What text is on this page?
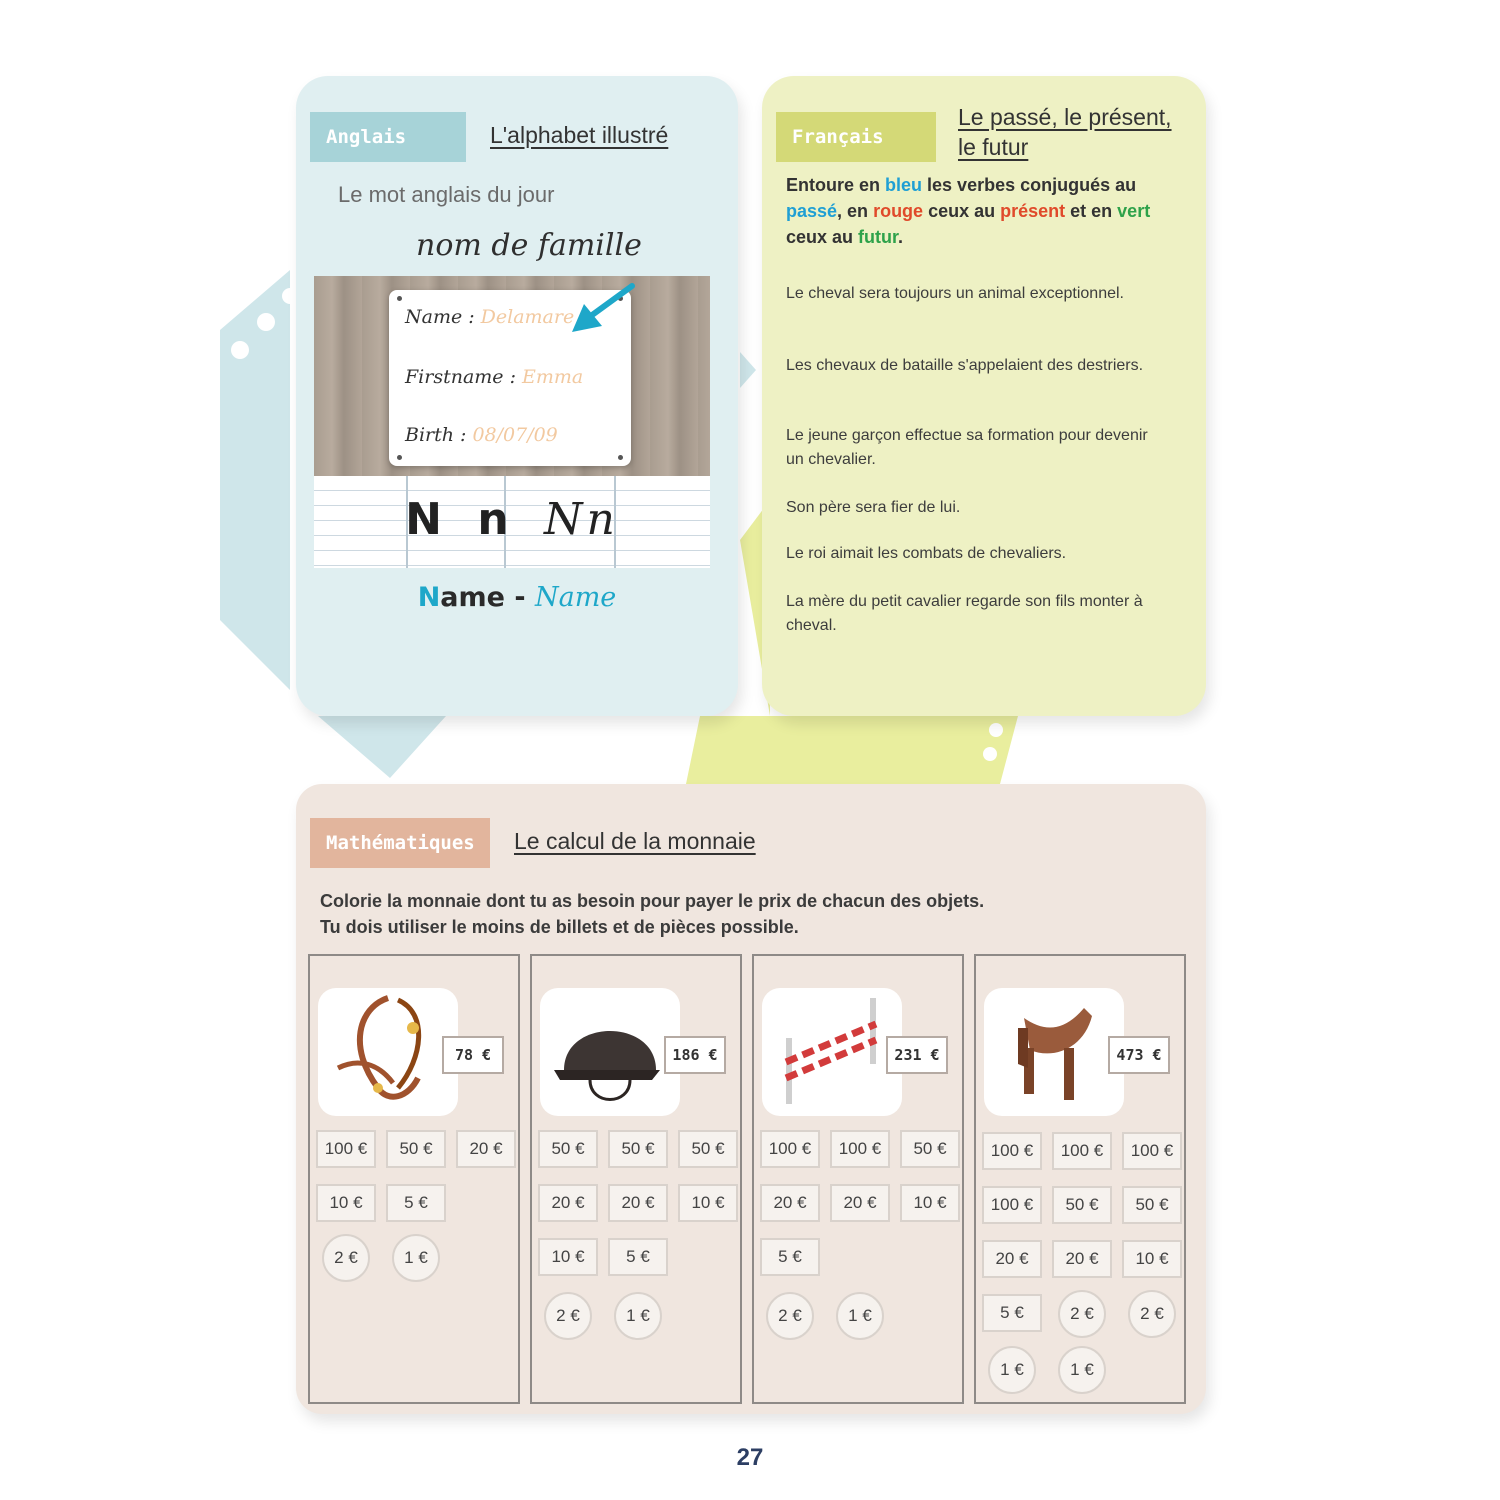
Anglais	L'alphabet illustré
Le mot anglais du jour
nom de famille
Name : Delamare
Firstname : Emma
Birth : 08/07/09
N n Nn
Name - Name
Français
Le passé, le présent, le futur
Entoure en bleu les verbes conjugués au passé, en rouge ceux au présent et en vert ceux au futur.
Le cheval sera toujours un animal exceptionnel.
Les chevaux de bataille s'appelaient des destriers.
Le jeune garçon effectue sa formation pour devenir un chevalier.
Son père sera fier de lui.
Le roi aimait les combats de chevaliers.
La mère du petit cavalier regarde son fils monter à cheval.
Mathématiques	Le calcul de la monnaie
Colorie la monnaie dont tu as besoin pour payer le prix de chacun des objets.
Tu dois utiliser le moins de billets et de pièces possible.
78 €
100 €	50 €	20 €
10 €	5 €
2 €	1 €
186 €
50 €	50 €	50 €
20 €	20 €	10 €
10 €	5 €
2 €	1 €
231 €
100 €	100 €	50 €
20 €	20 €	10 €
5 €
2 €	1 €
473 €
100 €	100 €	100 €
100 €	50 €	50 €
20 €	20 €	10 €
5 €	2 €	2 €
1 €	1 €
27
